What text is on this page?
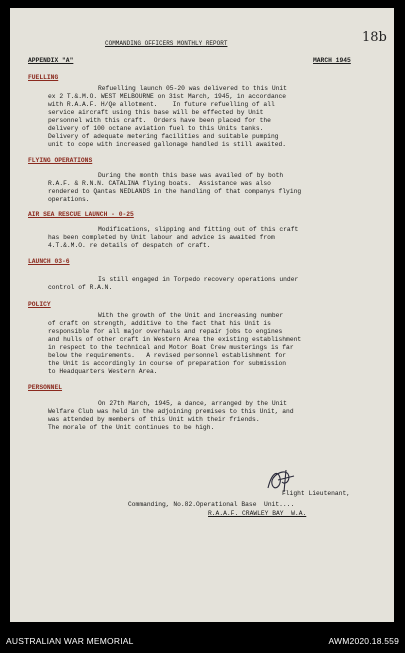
18b
COMMANDING OFFICERS MONTHLY REPORT
APPENDIX "A"	MARCH 1945
FUELLING
Refuelling launch 05-20 was delivered to this Unit
ex 2 T.&.M.O. WEST MELBOURNE on 31st March, 1945, in accordance
with R.A.A.F. H/Qe allotment.    In future refuelling of all
service aircraft using this base will be effected by Unit
personnel with this craft.  Orders have been placed for the
delivery of 100 octane aviation fuel to this Units tanks.
Delivery of adequate metering facilities and suitable pumping
unit to cope with increased gallonage handled is still awaited.
FLYING OPERATIONS
During the month this base was availed of by both
R.A.F. & R.N.N. CATALINA flying boats.  Assistance was also
rendered to Qantas NEDLANDS in the handling of that companys flying
operations.
AIR SEA RESCUE LAUNCH - 0-25
Modifications, slipping and fitting out of this craft
has been completed by Unit labour and advice is awaited from
4.T.&.M.O. re details of despatch of craft.
LAUNCH 03-6
Is still engaged in Torpedo recovery operations under
control of R.A.N.
POLICY
With the growth of the Unit and increasing number
of craft on strength, additive to the fact that his Unit is
responsible for all major overhauls and repair jobs to engines
and hulls of other craft in Western Area the existing establishment
in respect to the technical and Motor Boat Crew musterings is far
below the requirements.   A revised personnel establishment for
the Unit is accordingly in course of preparation for submission
to Headquarters Western Area.
PERSONNEL
On 27th March, 1945, a dance, arranged by the Unit
Welfare Club was held in the adjoining premises to this Unit, and
was attended by members of this Unit with their friends.
The morale of the Unit continues to be high.
Flight Lieutenant,
Commanding, No.82.Operational Base  Unit....
R.A.A.F. CRAWLEY BAY  W.A.
AUSTRALIAN WAR MEMORIAL	AWM2020.18.559
